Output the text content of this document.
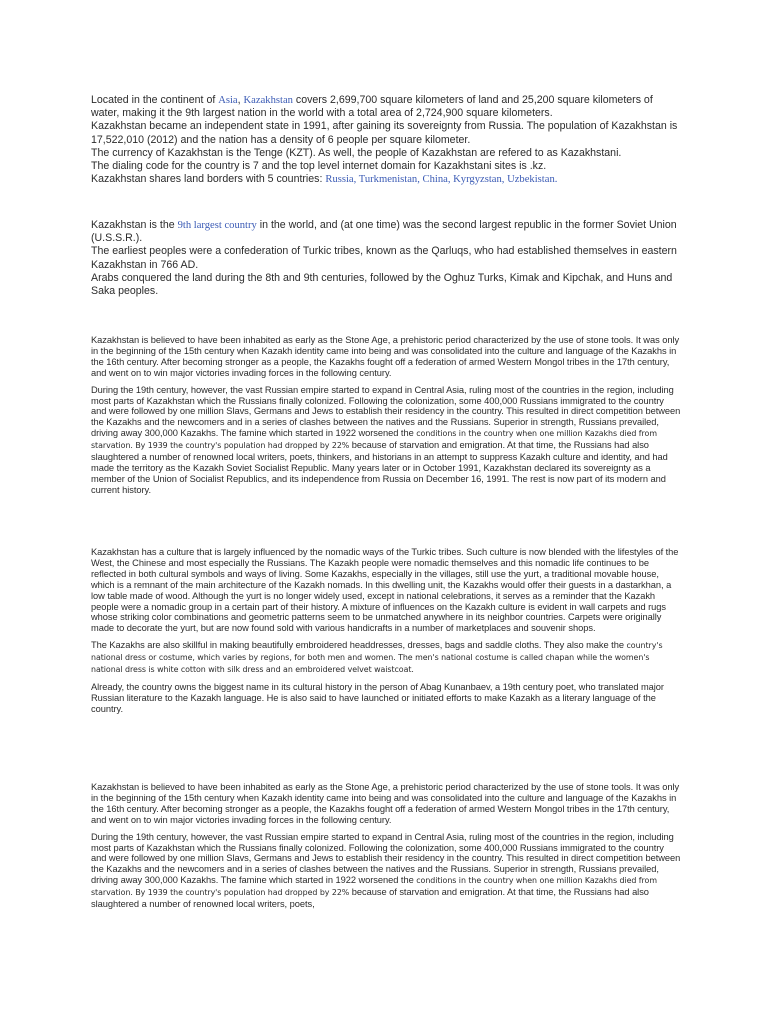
Located in the continent of Asia, Kazakhstan covers 2,699,700 square kilometers of land and 25,200 square kilometers of water, making it the 9th largest nation in the world with a total area of 2,724,900 square kilometers.

Kazakhstan became an independent state in 1991, after gaining its sovereignty from Russia. The population of Kazakhstan is 17,522,010 (2012) and the nation has a density of 6 people per square kilometer.

The currency of Kazakhstan is the Tenge (KZT). As well, the people of Kazakhstan are refered to as Kazakhstani.

The dialing code for the country is 7 and the top level internet domain for Kazakhstani sites is .kz.

Kazakhstan shares land borders with 5 countries: Russia, Turkmenistan, China, Kyrgyzstan, Uzbekistan.

Kazakhstan is the 9th largest country in the world, and (at one time) was the second largest republic in the former Soviet Union (U.S.S.R.).

The earliest peoples were a confederation of Turkic tribes, known as the Qarluqs, who had established themselves in eastern Kazakhstan in 766 AD.

Arabs conquered the land during the 8th and 9th centuries, followed by the Oghuz Turks, Kimak and Kipchak, and Huns and Saka peoples.

Kazakhstan is believed to have been inhabited as early as the Stone Age, a prehistoric period characterized by the use of stone tools. It was only in the beginning of the 15th century when Kazakh identity came into being and was consolidated into the culture and language of the Kazakhs in the 16th century. After becoming stronger as a people, the Kazakhs fought off a federation of armed Western Mongol tribes in the 17th century, and went on to win major victories invading forces in the following century.

During the 19th century, however, the vast Russian empire started to expand in Central Asia, ruling most of the countries in the region, including most parts of Kazakhstan which the Russians finally colonized. Following the colonization, some 400,000 Russians immigrated to the country and were followed by one million Slavs, Germans and Jews to establish their residency in the country. This resulted in direct competition between the Kazakhs and the newcomers and in a series of clashes between the natives and the Russians. Superior in strength, Russians prevailed, driving away 300,000 Kazakhs. The famine which started in 1922 worsened the conditions in the country when one million Kazakhs died from starvation. By 1939 the country's population had dropped by 22% because of starvation and emigration. At that time, the Russians had also slaughtered a number of renowned local writers, poets, thinkers, and historians in an attempt to suppress Kazakh culture and identity, and had made the territory as the Kazakh Soviet Socialist Republic. Many years later or in October 1991, Kazakhstan declared its sovereignty as a member of the Union of Socialist Republics, and its independence from Russia on December 16, 1991. The rest is now part of its modern and current history.

Kazakhstan has a culture that is largely influenced by the nomadic ways of the Turkic tribes. Such culture is now blended with the lifestyles of the West, the Chinese and most especially the Russians. The Kazakh people were nomadic themselves and this nomadic life continues to be reflected in both cultural symbols and ways of living. Some Kazakhs, especially in the villages, still use the yurt, a traditional movable house, which is a remnant of the main architecture of the Kazakh nomads. In this dwelling unit, the Kazakhs would offer their guests in a dastarkhan, a low table made of wood. Although the yurt is no longer widely used, except in national celebrations, it serves as a reminder that the Kazakh people were a nomadic group in a certain part of their history. A mixture of influences on the Kazakh culture is evident in wall carpets and rugs whose striking color combinations and geometric patterns seem to be unmatched anywhere in its neighbor countries. Carpets were originally made to decorate the yurt, but are now found sold with various handicrafts in a number of marketplaces and souvenir shops.

The Kazakhs are also skillful in making beautifully embroidered headdresses, dresses, bags and saddle cloths. They also make the country's national dress or costume, which varies by regions, for both men and women. The men's national costume is called chapan while the women's national dress is white cotton with silk dress and an embroidered velvet waistcoat.

Already, the country owns the biggest name in its cultural history in the person of Abag Kunanbaev, a 19th century poet, who translated major Russian literature to the Kazakh language. He is also said to have launched or initiated efforts to make Kazakh as a literary language of the country.

Kazakhstan is believed to have been inhabited as early as the Stone Age, a prehistoric period characterized by the use of stone tools. It was only in the beginning of the 15th century when Kazakh identity came into being and was consolidated into the culture and language of the Kazakhs in the 16th century. After becoming stronger as a people, the Kazakhs fought off a federation of armed Western Mongol tribes in the 17th century, and went on to win major victories invading forces in the following century.

During the 19th century, however, the vast Russian empire started to expand in Central Asia, ruling most of the countries in the region, including most parts of Kazakhstan which the Russians finally colonized. Following the colonization, some 400,000 Russians immigrated to the country and were followed by one million Slavs, Germans and Jews to establish their residency in the country. This resulted in direct competition between the Kazakhs and the newcomers and in a series of clashes between the natives and the Russians. Superior in strength, Russians prevailed, driving away 300,000 Kazakhs. The famine which started in 1922 worsened the conditions in the country when one million Kazakhs died from starvation. By 1939 the country's population had dropped by 22% because of starvation and emigration. At that time, the Russians had also slaughtered a number of renowned local writers, poets,
